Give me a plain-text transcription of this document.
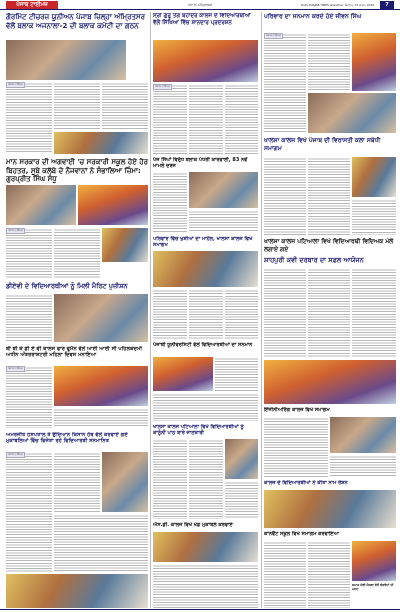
ਪੰਜਾਬ ਟਾਈਮਜ਼	ਪੰਨਾ ਨੰ: ਅੰਮ੍ਰਿਤਸਰ	Daily PUNJAB TIMES Jalandhar, ਸੋਮਵਾਰ, 14 ਮਾਰਚ, 2019	7
ਗੌਰਮਿੰਟ ਟੀਚਰਜ਼ ਯੂਨੀਅਨ ਪੰਜਾਬ ਜ਼ਿਲ੍ਹਾ ਅੰਮ੍ਰਿਤਸਰ ਵੱਲੋਂ ਬਲਾਕ ਅਜਨਾਲਾ-2 ਦੀ ਬਲਾਕ ਕਮੇਟੀ ਦਾ ਗਠਨ
ਪੰਜਾਬ ਟਾਈਮਜ਼
ਮਾਨ ਸਰਕਾਰ ਦੀ ਅਗਵਾਈ 'ਚ ਸਰਕਾਰੀ ਸਕੂਲ ਹੋਏ ਹੋਰ ਬਿਹਤਰ, ਸੂਬੇ ਕਲੱਬੇ ਦੇ ਨੌਜਵਾਨਾਂ ਨੇ ਸੰਭਾਲਿਆ ਜ਼ਿੰਮਾ: ਗੁਰਪ੍ਰੀਤ ਸਿੰਘ ਸੰਧੂ
ਪੰਜਾਬ ਟਾਈਮਜ਼
ਡੀਏਵੀ ਦੇ ਵਿਦਿਆਰਥੀਆਂ ਨੂੰ ਮਿਲੀ ਮੈਰਿਟ ਪੁਜ਼ੀਸ਼ਨ
ਬੀ ਬੀ ਕੇ ਡੀ ਏ ਵੀ ਕਾਲਜ ਫਾਰ ਵੂਮੈਨ ਵੱਲੋਂ ਆਈ ਆਈ ਸੀ ਪਹਿਲਕਦਮੀ ਅਧੀਨ ਅੰਤਰਰਾਸ਼ਟਰੀ ਮਹਿਲਾ ਦਿਵਸ ਮਨਾਇਆ
ਪੰਜਾਬ ਟਾਈਮਜ਼
ਅਮਰਜੀਤ ਹਸਪਤਾਲ ਤੇ ਉਦਿਆਨ ਕਿਸਾਨ ਹੱਥ ਵੱਲੋਂ ਕਰਵਾਏ ਗਏ ਮੁਕਾਬਲਿਆਂ ਵਿੱਚ ਵਿਜੇਤਾ ਰਹੇ ਵਿਦਿਆਰਥੀ ਸਨਮਾਨਿਤ
ਪੰਜਾਬ ਟਾਈਮਜ਼
ਸ੍ਰੀ ਗੁਰੂ ਤੇਗ ਬਹਾਦਰ ਕਾਲਜ ਦੇ ਵਿਦਿਆਰਥੀਆਂ ਵੱਲੋਂ ਸਿੱਖਿਆ ਵਿੱਚ ਸ਼ਾਨਦਾਰ ਪ੍ਰਦਰਸ਼ਨ
ਪੰਜਾਬ ਟਾਈਮਜ਼
ਪੰਜ ਸਿੰਘਾਂ ਵਿਰੁੱਧ ਬਲਾਕ ਪੱਧਰੀ ਕਾਰਵਾਈ, 83 ਨਵੇਂ ਮਾਮਲੇ ਦਰਜ
ਪਰਿਵਾਰ ਵਿੱਚ ਖੁਸ਼ੀਆਂ ਦਾ ਮਾਹੌਲ, ਖਾਲਸਾ ਕਾਲਜ ਵਿਖੇ ਸਮਾਗਮ
ਪੰਜਾਬੀ ਯੂਨੀਵਰਸਿਟੀ ਵੱਲੋਂ ਵਿਦਿਆਰਥੀਆਂ ਦਾ ਸਨਮਾਨ
ਖਾਲਸਾ ਕਾਲਜ ਪਟਿਆਲਾ ਵਿਖੇ ਵਿਦਿਆਰਥੀਆਂ ਨੂੰ ਕਾਨੂੰਨੀ ਪਾਠ ਬਾਰੇ ਜਾਣਕਾਰੀ
ਐਸ.ਡੀ. ਕਾਲਜ ਵਿਖੇ ਖੇਡ ਮੁਕਾਬਲੇ ਕਰਵਾਏ
ਪਰਿਵਾਰ ਦਾ ਸਨਮਾਨ ਕਰਦੇ ਹੋਏ ਜੀਵਨ ਸਿੰਘ
ਪੰਜਾਬ ਟਾਈਮਜ਼
ਖਾਲਸਾ ਕਾਲਜ ਵਿਖੇ ਪੰਜਾਬ ਦੀ ਵਿਰਾਸਤੀ ਕਲਾ ਸਬੰਧੀ ਸਮਾਗਮ
ਖਾਲਸਾ ਕਾਲਜ ਪਟਿਆਲਾ ਵਿਖੇ ਵਿਦਿਆਰਥੀ ਵਿਦਿਅਕ ਮੇਲੇ ਲਗਾਏ ਗਏ
ਸ਼ਾਹਪੁਰੀ ਕਵੀ ਦਰਬਾਰ ਦਾ ਸਫ਼ਲ ਆਯੋਜਨ
ਇੰਜੀਨੀਅਰਿੰਗ ਕਾਲਜ ਵਿਖੇ ਸਮਾਗਮ
ਕਾਲਜ ਦੇ ਵਿਦਿਆਰਥੀਆਂ ਨੇ ਕੀਤਾ ਨਾਮ ਰੌਸ਼ਨ
ਕਾਨਵੈਂਟ ਸਕੂਲ ਵਿਖੇ ਸਮਾਗਮ ਕਰਵਾਇਆ
ਸਮਾਜ ਸੇਵੀ ਸੰਸਥਾ ਵੱਲੋਂ ਲੋੜਵੰਦਾਂ ਦੀ ਮਦਦ
